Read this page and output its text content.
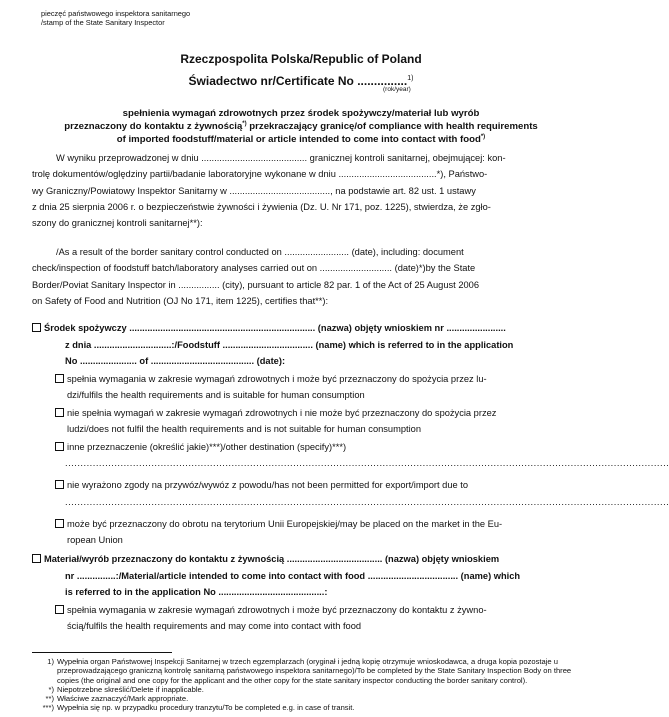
pieczęć państwowego inspektora sanitarnego
/stamp of the State Sanitary Inspector
Rzeczpospolita Polska/Republic of Poland
Świadectwo nr/Certificate No ...............$^{1)}$
(rok/year)
spełnienia wymagań zdrowotnych przez środek spożywczy/materiał lub wyrób
przeznaczony do kontaktu z żywnością*) przekraczający granicę/of compliance with health requirements
of imported foodstuff/material or article intended to come into contact with food*)
W wyniku przeprowadzonej w dniu ......................................... granicznej kontroli sanitarnej, obejmującej: kon-
trolę dokumentów/oględziny partii/badanie laboratoryjne wykonane w dniu ......................................*), Państwo-
wy Graniczny/Powiatowy Inspektor Sanitarny w ......................................., na podstawie art. 82 ust. 1 ustawy
z dnia 25 sierpnia 2006 r. o bezpieczeństwie żywności i żywienia (Dz. U. Nr 171, poz. 1225), stwierdza, że zgło-
szony do granicznej kontroli sanitarnej**):
/As a result of the border sanitary control conducted on ......................... (date), including: document
check/inspection of foodstuff batch/laboratory analyses carried out on ............................ (date)*)by the State
Border/Poviat Sanitary Inspector in ................ (city), pursuant to article 82 par. 1 of the Act of 25 August 2006
on Safety of Food and Nutrition (OJ No 171, item 1225), certifies that**):
Środek spożywczy ........................................................................ (nazwa) objęty wnioskiem nr .......................
z dnia ..............................:/Foodstuff ................................... (name) which is referred to in the application
No ...................... of ........................................ (date):
spełnia wymagania w zakresie wymagań zdrowotnych i może być przeznaczony do spożycia przez lu-
dzi/fulfils the health requirements and is suitable for human consumption
nie spełnia wymagań w zakresie wymagań zdrowotnych i nie może być przeznaczony do spożycia przez
ludzi/does not fulfil the health requirements and is not suitable for human consumption
inne przeznaczenie (określić jakie)***)/other destination (specify)***)
....................................................................................................................................................................................................
nie wyrażono zgody na przywóz/wywóz z powodu/has not been permitted for export/import due to
....................................................................................................................................................................................................
może być przeznaczony do obrotu na terytorium Unii Europejskiej/may be placed on the market in the Eu-
ropean Union
Materiał/wyrób przeznaczony do kontaktu z żywnością ..................................... (nazwa) objęty wnioskiem
nr ...............:/Material/article intended to come into contact with food ................................... (name) which
is referred to in the application No .........................................:
spełnia wymagania w zakresie wymagań zdrowotnych i może być przeznaczony do kontaktu z żywno-
ścią/fulfils the health requirements and may come into contact with food
1) Wypełnia organ Państwowej Inspekcji Sanitarnej w trzech egzemplarzach (oryginał i jedną kopię otrzymuje wnioskodawca, a druga kopia pozostaje u przeprowadzającego graniczną kontrolę sanitarną państwowego inspektora sanitarnego)/To be completed by the State Sanitary Inspection Body on three copies (the original and one copy for the applicant and the other copy for the state sanitary inspector conducting the border sanitary control).
*) Niepotrzebne skreślić/Delete if inapplicable.
**) Właściwe zaznaczyć/Mark appropriate.
***) Wypełnia się np. w przypadku procedury tranzytu/To be completed e.g. in case of transit.
